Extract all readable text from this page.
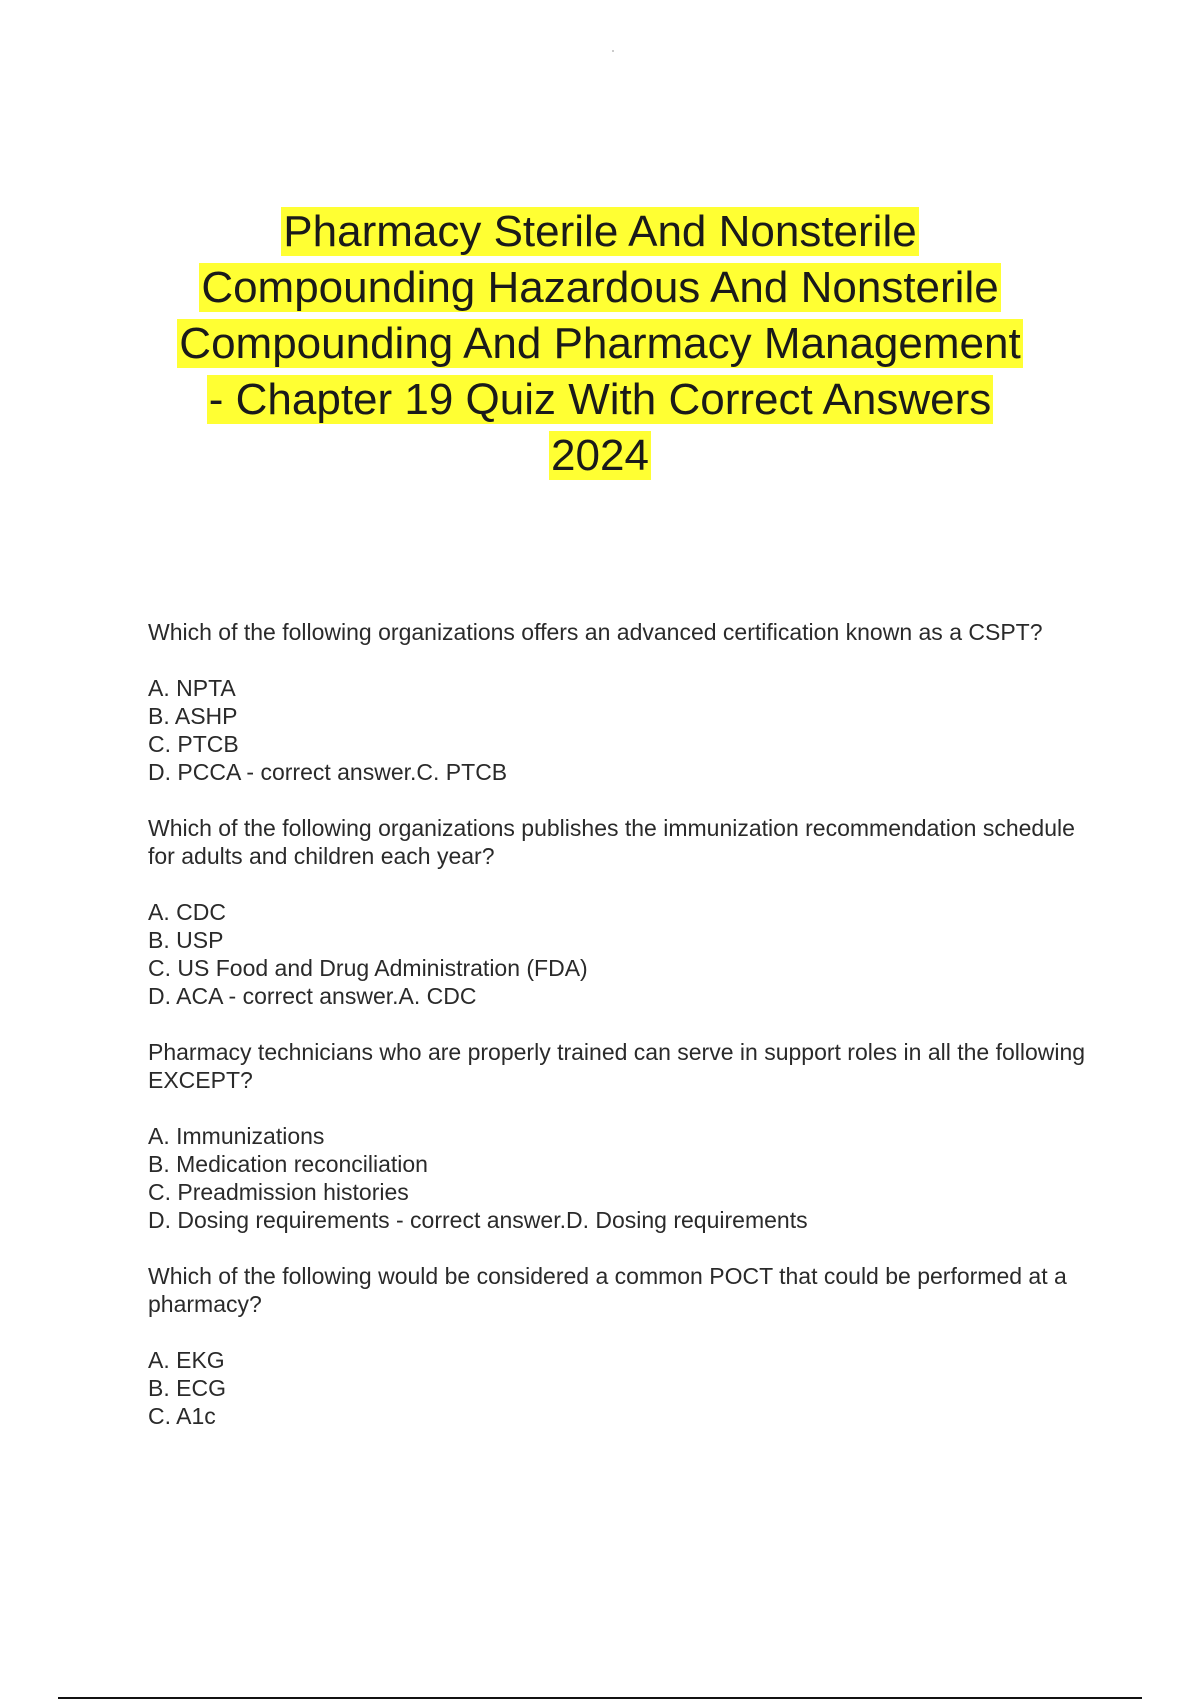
Pharmacy Sterile And Nonsterile
Compounding Hazardous And Nonsterile
Compounding And Pharmacy Management
- Chapter 19 Quiz With Correct Answers
2024
Which of the following organizations offers an advanced certification known as a CSPT?
A. NPTA
B. ASHP
C. PTCB
D. PCCA - correct answer.C. PTCB
Which of the following organizations publishes the immunization recommendation schedule for adults and children each year?
A. CDC
B. USP
C. US Food and Drug Administration (FDA)
D. ACA - correct answer.A. CDC
Pharmacy technicians who are properly trained can serve in support roles in all the following EXCEPT?
A. Immunizations
B. Medication reconciliation
C. Preadmission histories
D. Dosing requirements - correct answer.D. Dosing requirements
Which of the following would be considered a common POCT that could be performed at a pharmacy?
A. EKG
B. ECG
C. A1c
